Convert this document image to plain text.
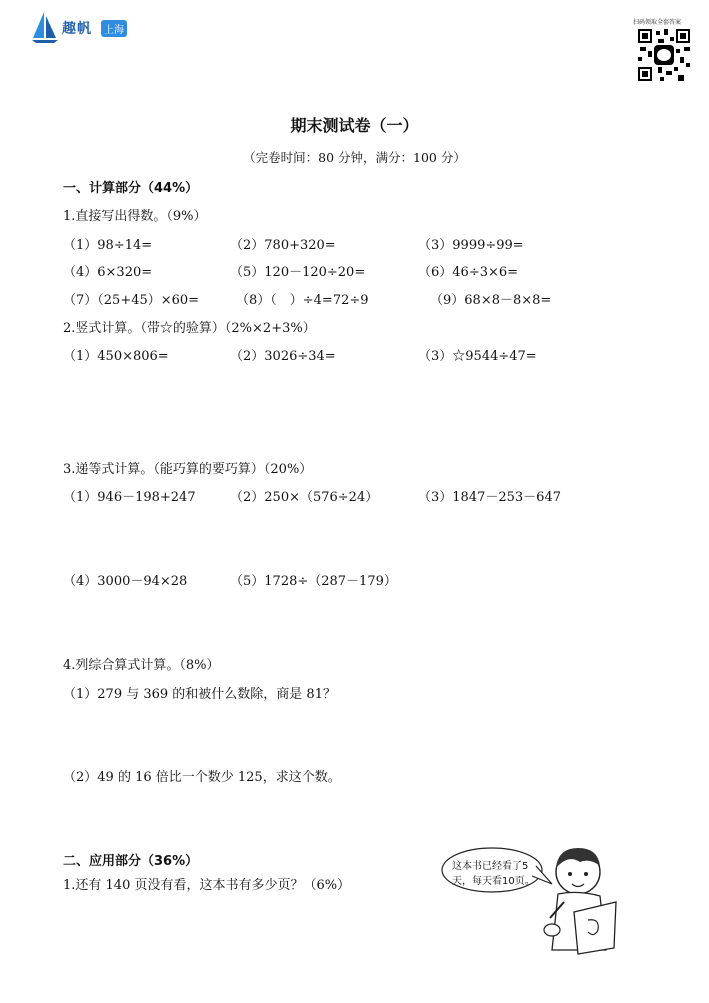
趣帆	上海
扫码领取全套答案
期末测试卷（一）
（完卷时间：80 分钟，满分：100 分）
一、计算部分（44%）
1.直接写出得数。（9%）
（1）98÷14=	（2）780+320=	（3）9999÷99=
（4）6×320=	（5）120－120÷20=	（6）46÷3×6=
（7）（25+45）×60=	（8）（　）÷4=72÷9	（9）68×8－8×8=
2.竖式计算。（带☆的验算）（2%×2+3%）
（1）450×806=	（2）3026÷34=	（3）☆9544÷47=
3.递等式计算。（能巧算的要巧算）（20%）
（1）946－198+247	（2）250×（576÷24）	（3）1847－253－647
（4）3000－94×28	（5）1728÷（287－179）
4.列综合算式计算。（8%）
（1）279 与 369 的和被什么数除，商是 81？
（2）49 的 16 倍比一个数少 125，求这个数。
二、应用部分（36%）
1.还有 140 页没有看，这本书有多少页？（6%）
这本书已经看了5
天，每天看10页。
